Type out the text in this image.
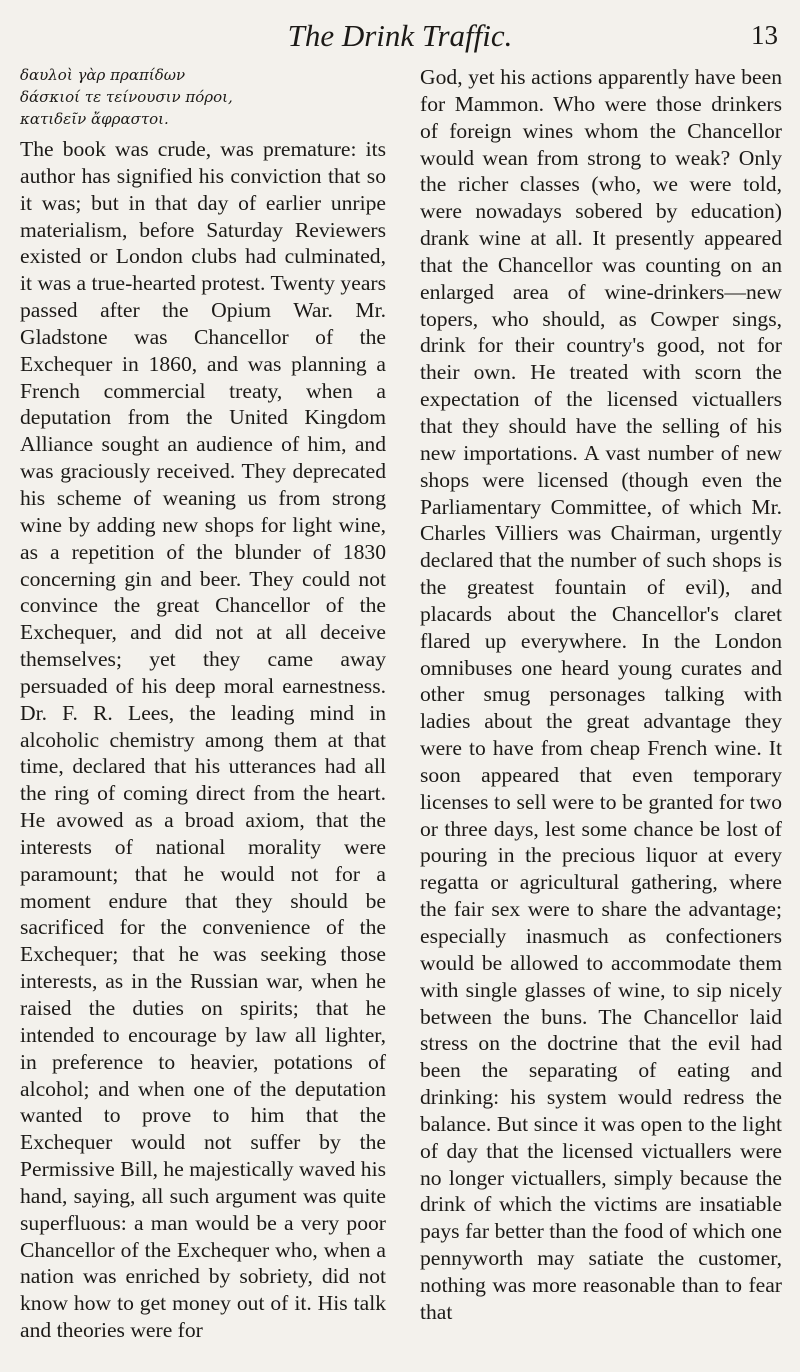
The Drink Traffic.	13
δαυλοὶ γὰρ πραπίδων
δάσκιοί τε τείνουσιν πόροι,
κατιδεῖν ἄφραστοι.

The book was crude, was premature: its author has signified his conviction that so it was; but in that day of earlier unripe materialism, before Saturday Reviewers existed or London clubs had culminated, it was a true-hearted protest. Twenty years passed after the Opium War. Mr. Gladstone was Chancellor of the Exchequer in 1860, and was planning a French commercial treaty, when a deputation from the United Kingdom Alliance sought an audience of him, and was graciously received. They deprecated his scheme of weaning us from strong wine by adding new shops for light wine, as a repetition of the blunder of 1830 concerning gin and beer. They could not convince the great Chancellor of the Exchequer, and did not at all deceive themselves; yet they came away persuaded of his deep moral earnestness. Dr. F. R. Lees, the leading mind in alcoholic chemistry among them at that time, declared that his utterances had all the ring of coming direct from the heart. He avowed as a broad axiom, that the interests of national morality were paramount; that he would not for a moment endure that they should be sacrificed for the convenience of the Exchequer; that he was seeking those interests, as in the Russian war, when he raised the duties on spirits; that he intended to encourage by law all lighter, in preference to heavier, potations of alcohol; and when one of the deputation wanted to prove to him that the Exchequer would not suffer by the Permissive Bill, he majestically waved his hand, saying, all such argument was quite superfluous: a man would be a very poor Chancellor of the Exchequer who, when a nation was enriched by sobriety, did not know how to get money out of it. His talk and theories were for

God, yet his actions apparently have been for Mammon. Who were those drinkers of foreign wines whom the Chancellor would wean from strong to weak? Only the richer classes (who, we were told, were nowadays sobered by education) drank wine at all. It presently appeared that the Chancellor was counting on an enlarged area of wine-drinkers—new topers, who should, as Cowper sings, drink for their country's good, not for their own. He treated with scorn the expectation of the licensed victuallers that they should have the selling of his new importations. A vast number of new shops were licensed (though even the Parliamentary Committee, of which Mr. Charles Villiers was Chairman, urgently declared that the number of such shops is the greatest fountain of evil), and placards about the Chancellor's claret flared up everywhere. In the London omnibuses one heard young curates and other smug personages talking with ladies about the great advantage they were to have from cheap French wine. It soon appeared that even temporary licenses to sell were to be granted for two or three days, lest some chance be lost of pouring in the precious liquor at every regatta or agricultural gathering, where the fair sex were to share the advantage; especially inasmuch as confectioners would be allowed to accommodate them with single glasses of wine, to sip nicely between the buns. The Chancellor laid stress on the doctrine that the evil had been the separating of eating and drinking: his system would redress the balance. But since it was open to the light of day that the licensed victuallers were no longer victuallers, simply because the drink of which the victims are insatiable pays far better than the food of which one pennyworth may satiate the customer, nothing was more reasonable than to fear that
